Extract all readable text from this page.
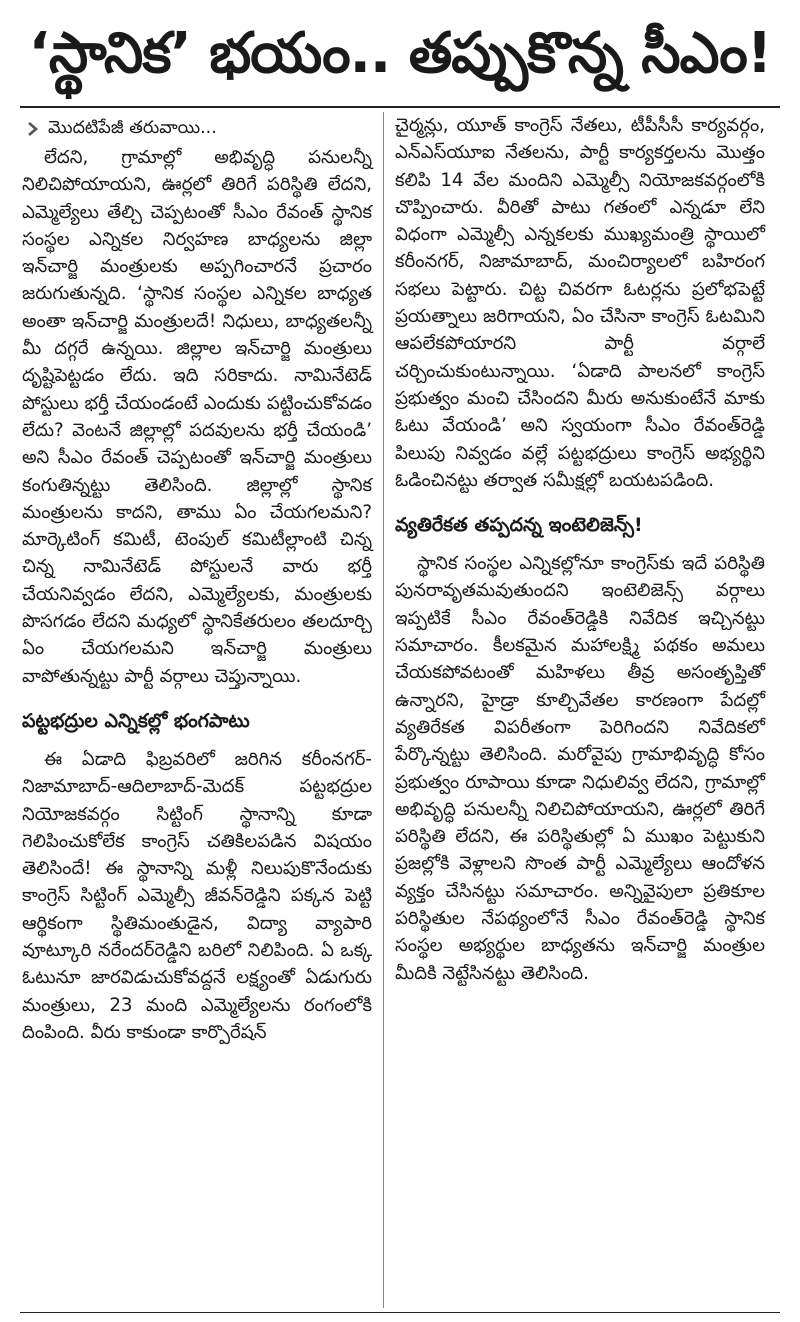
‘స్థానిక’ భయం.. తప్పుకొన్న సీఎం!
మొదటిపేజీ తరువాయి...

లేదని, గ్రామాల్లో అభివృద్ధి పనులన్నీ నిలిచిపోయాయని, ఊర్లలో తిరిగే పరిస్థితి లేదని, ఎమ్మెల్యేలు తేల్చి చెప్పటంతో సీఎం రేవంత్ స్థానిక సంస్థల ఎన్నికల నిర్వహణ బాధ్యలను జిల్లా ఇన్‌చార్జి మంత్రులకు అప్పగించారనే ప్రచారం జరుగుతున్నది. ‘స్థానిక సంస్థల ఎన్నికల బాధ్యత అంతా ఇన్‌చార్జి మంత్రులదే! నిధులు, బాధ్యతలన్నీ మీ దగ్గరే ఉన్నయి. జిల్లాల ఇన్‌చార్జి మంత్రులు దృష్టిపెట్టడం లేదు. ఇది సరికాదు. నామినేటెడ్ పోస్టులు భర్తీ చేయండంటే ఎందుకు పట్టించుకోవడం లేదు? వెంటనే జిల్లాల్లో పదవులను భర్తీ చేయండి’ అని సీఎం రేవంత్ చెప్పటంతో ఇన్‌చార్జి మంత్రులు కంగుతిన్నట్టు తెలిసింది. జిల్లాల్లో స్థానిక మంత్రులను కాదని, తాము ఏం చేయగలమని? మార్కెటింగ్ కమిటీ, టెంపుల్ కమిటీల్లాంటి చిన్న చిన్న నామినేటెడ్ పోస్టులనే వారు భర్తీ చేయనివ్వడం లేదని, ఎమ్మెల్యేలకు, మంత్రులకు పొసగడం లేదని మధ్యలో స్థానికేతరులం తలదూర్చి ఏం చేయగలమని ఇన్‌చార్జి మంత్రులు వాపోతున్నట్టు పార్టీ వర్గాలు చెప్తున్నాయి.

పట్టభద్రుల ఎన్నికల్లో భంగపాటు

ఈ ఏడాది ఫిబ్రవరిలో జరిగిన కరీంనగర్-నిజామాబాద్-ఆదిలాబాద్-మెదక్ పట్టభద్రుల నియోజకవర్గం సిట్టింగ్ స్థానాన్ని కూడా గెలిపించుకోలేక కాంగ్రెస్ చతికిలపడిన విషయం తెలిసిందే! ఈ స్థానాన్ని మళ్లీ నిలుపుకొనేందుకు కాంగ్రెస్ సిట్టింగ్ ఎమ్మెల్సీ జీవన్‌రెడ్డిని పక్కన పెట్టి ఆర్థికంగా స్థితిమంతుడైన, విద్యా వ్యాపారి వూట్కూరి నరేందర్‌రెడ్డిని బరిలో నిలిపింది. ఏ ఒక్క ఓటునూ జారవిడుచుకోవద్దనే లక్ష్యంతో ఏడుగురు మంత్రులు, 23 మంది ఎమ్మెల్యేలను రంగంలోకి దింపింది. వీరు కాకుండా కార్పొరేషన్

చైర్మన్లు, యూత్ కాంగ్రెస్ నేతలు, టీపీసీసీ కార్యవర్గం, ఎన్‌ఎస్‌యూఐ నేతలను, పార్టీ కార్యకర్తలను మొత్తం కలిపి 14 వేల మందిని ఎమ్మెల్సీ నియోజకవర్గంలోకి చొప్పించారు. వీరితో పాటు గతంలో ఎన్నడూ లేని విధంగా ఎమ్మెల్సీ ఎన్నకలకు ముఖ్యమంత్రి స్థాయిలో కరీంనగర్, నిజామాబాద్, మంచిర్యాలలో బహిరంగ సభలు పెట్టారు. చిట్ట చివరగా ఓటర్లను ప్రలోభపెట్టే ప్రయత్నాలు జరిగాయని, ఏం చేసినా కాంగ్రెస్ ఓటమిని ఆపలేకపోయారని పార్టీ వర్గాలే చర్చించుకుంటున్నాయి. ‘ఏడాది పాలనలో కాంగ్రెస్ ప్రభుత్వం మంచి చేసిందని మీరు అనుకుంటేనే మాకు ఓటు వేయండి’ అని స్వయంగా సీఎం రేవంత్‌రెడ్డి పిలుపు నివ్వడం వల్లే పట్టభద్రులు కాంగ్రెస్ అభ్యర్థిని ఓడించినట్టు తర్వాత సమీక్షల్లో బయటపడింది.

వ్యతిరేకత తప్పదన్న ఇంటెలిజెన్స్!

స్థానిక సంస్థల ఎన్నికల్లోనూ కాంగ్రెస్‌కు ఇదే పరిస్థితి పునరావృతమవుతుందని ఇంటెలిజెన్స్ వర్గాలు ఇప్పటికే సీఎం రేవంత్‌రెడ్డికి నివేదిక ఇచ్చినట్టు సమాచారం. కీలకమైన మహాలక్ష్మి పథకం అమలు చేయకపోవటంతో మహిళలు తీవ్ర అసంతృప్తితో ఉన్నారని, హైడ్రా కూల్చివేతల కారణంగా పేదల్లో వ్యతిరేకత విపరీతంగా పెరిగిందని నివేదికలో పేర్కొన్నట్టు తెలిసింది. మరోవైపు గ్రామాభివృద్ధి కోసం ప్రభుత్వం రూపాయి కూడా నిధులివ్వ లేదని, గ్రామాల్లో అభివృద్ధి పనులన్నీ నిలిచిపోయాయని, ఊర్లలో తిరిగే పరిస్థితి లేదని, ఈ పరిస్థితుల్లో ఏ ముఖం పెట్టుకుని ప్రజల్లోకి వెళ్లాలని సొంత పార్టీ ఎమ్మెల్యేలు ఆందోళన వ్యక్తం చేసినట్టు సమాచారం. అన్నివైపులా ప్రతికూల పరిస్థితుల నేపథ్యంలోనే సీఎం రేవంత్‌రెడ్డి స్థానిక సంస్థల అభ్యర్థుల బాధ్యతను ఇన్‌చార్జి మంత్రుల మీదికి నెట్టేసినట్టు తెలిసింది.
